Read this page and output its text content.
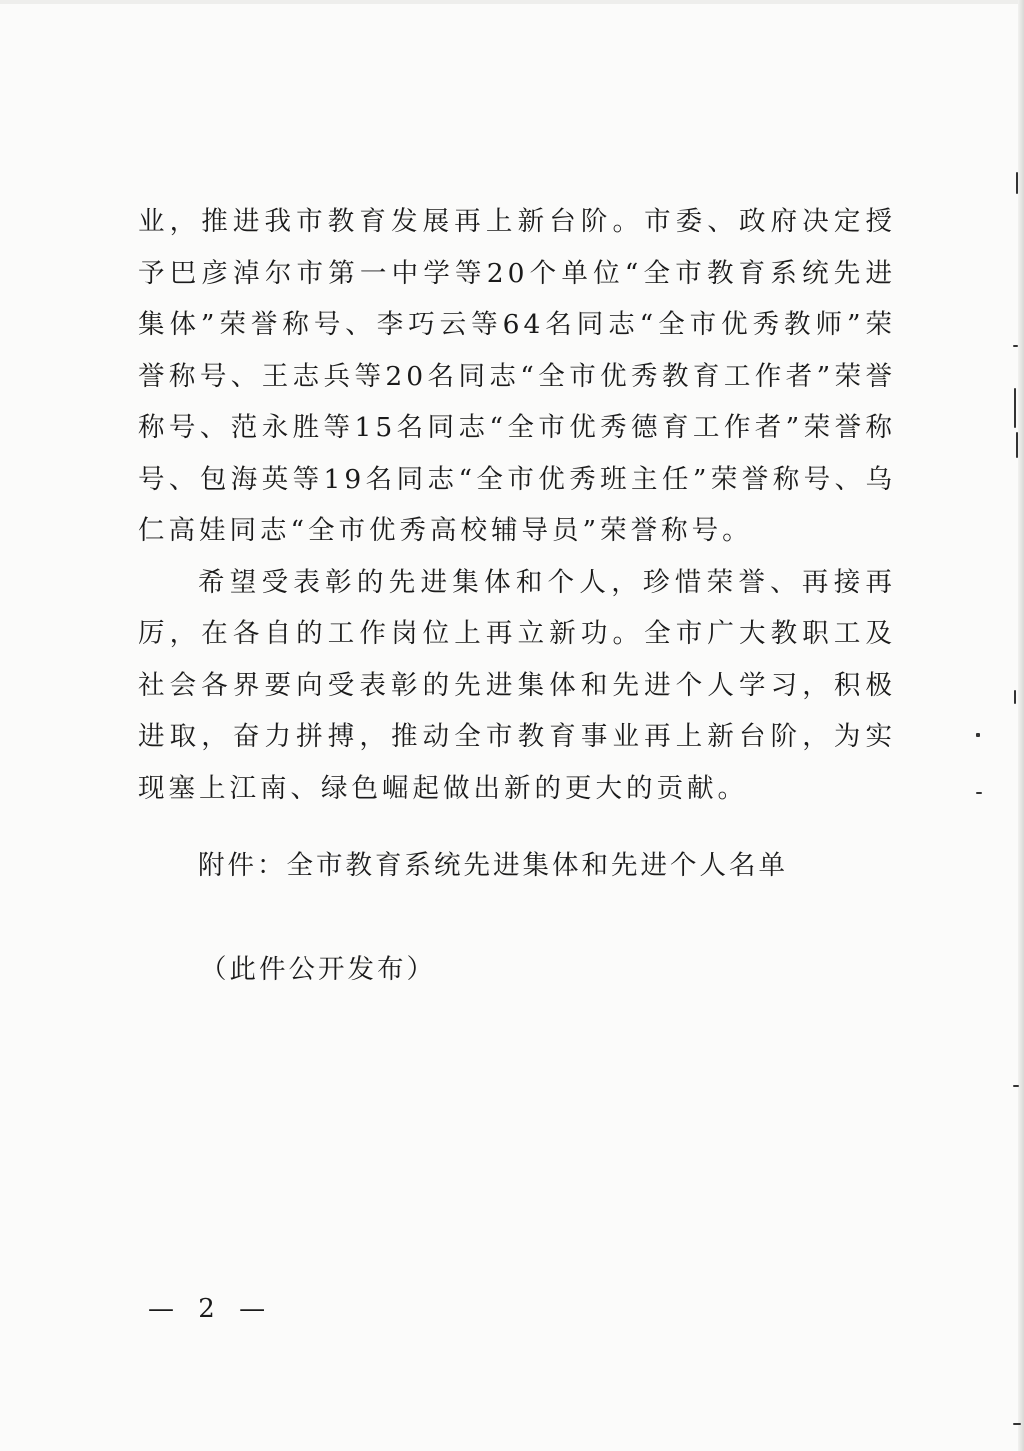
业，推进我市教育发展再上新台阶。市委、政府决定授予巴彦淖尔市第一中学等20个单位“全市教育系统先进集体”荣誉称号、李巧云等64名同志“全市优秀教师”荣誉称号、王志兵等20名同志“全市优秀教育工作者”荣誉称号、范永胜等15名同志“全市优秀德育工作者”荣誉称号、包海英等19名同志“全市优秀班主任”荣誉称号、乌仁高娃同志“全市优秀高校辅导员”荣誉称号。

希望受表彰的先进集体和个人，珍惜荣誉、再接再厉，在各自的工作岗位上再立新功。全市广大教职工及社会各界要向受表彰的先进集体和先进个人学习，积极进取，奋力拼搏，推动全市教育事业再上新台阶，为实现塞上江南、绿色崛起做出新的更大的贡献。

附件：全市教育系统先进集体和先进个人名单
（此件公开发布）
— 2 —
